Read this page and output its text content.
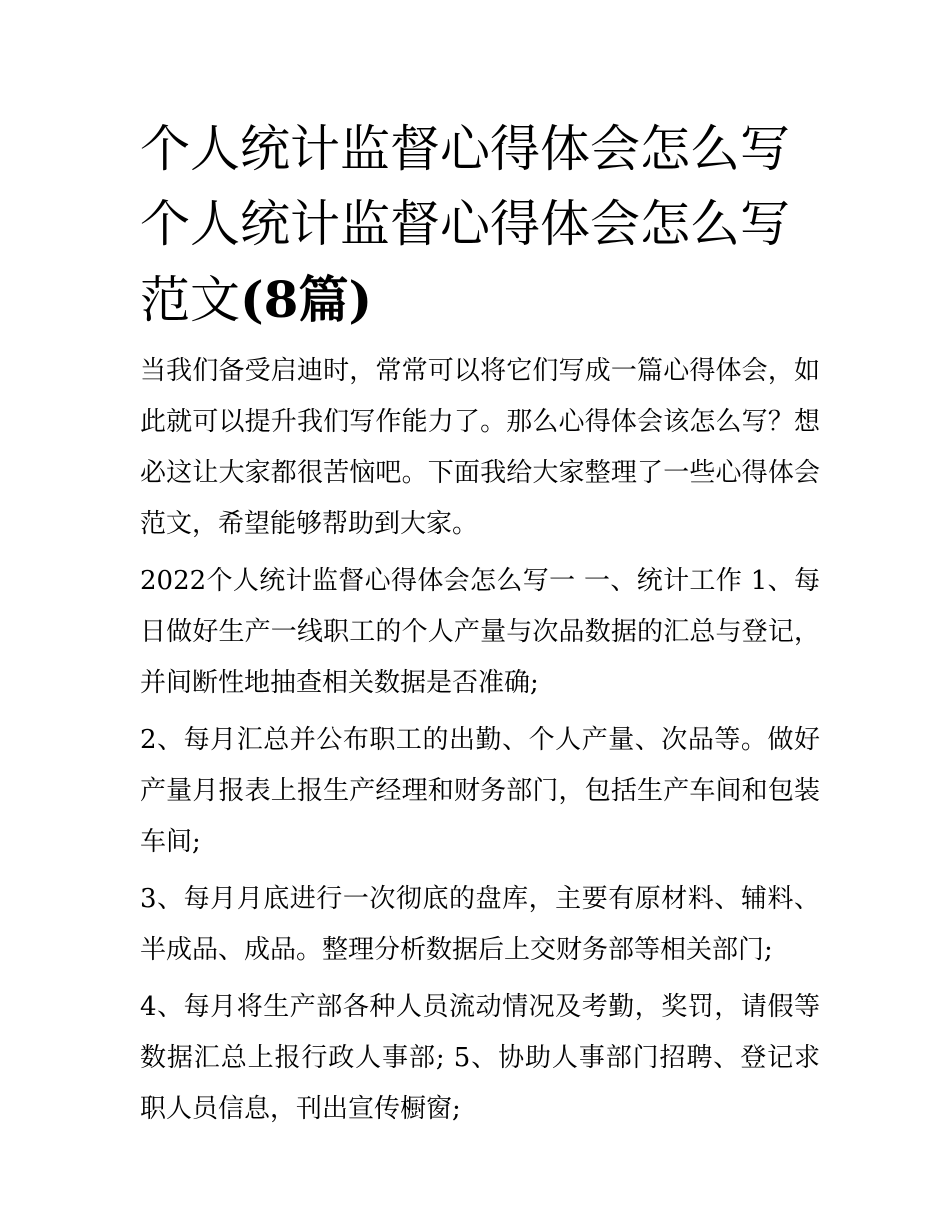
个人统计监督心得体会怎么写 个人统计监督心得体会怎么写范文(8篇)

当我们备受启迪时，常常可以将它们写成一篇心得体会，如此就可以提升我们写作能力了。那么心得体会该怎么写？想必这让大家都很苦恼吧。下面我给大家整理了一些心得体会范文，希望能够帮助到大家。

2022个人统计监督心得体会怎么写一 一、统计工作 1、每日做好生产一线职工的个人产量与次品数据的汇总与登记，并间断性地抽查相关数据是否准确;

2、每月汇总并公布职工的出勤、个人产量、次品等。做好产量月报表上报生产经理和财务部门，包括生产车间和包装车间;

3、每月月底进行一次彻底的盘库，主要有原材料、辅料、半成品、成品。整理分析数据后上交财务部等相关部门;

4、每月将生产部各种人员流动情况及考勤，奖罚，请假等数据汇总上报行政人事部; 5、协助人事部门招聘、登记求职人员信息，刊出宣传橱窗;
